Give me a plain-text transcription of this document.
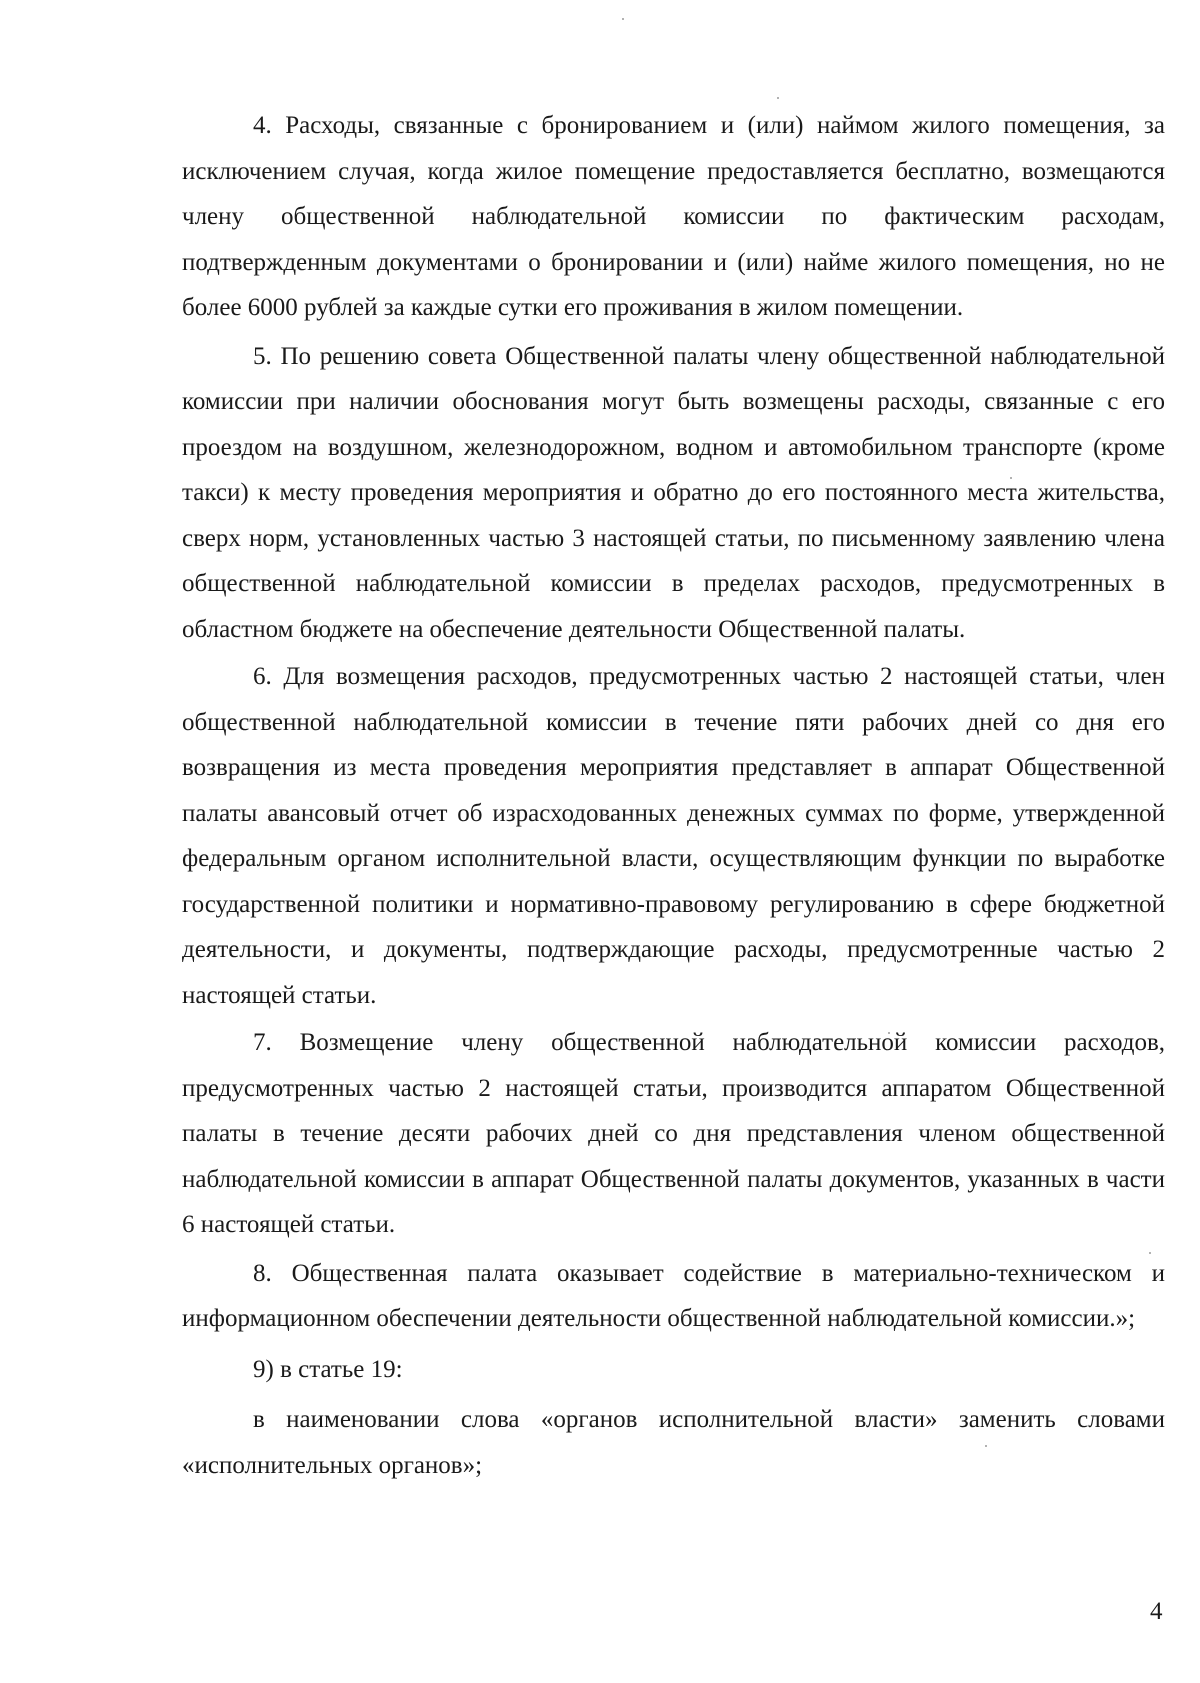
4. Расходы, связанные с бронированием и (или) наймом жилого помещения, за исключением случая, когда жилое помещение предоставляется бесплатно, возмещаются члену общественной наблюдательной комиссии по фактическим расходам, подтвержденным документами о бронировании и (или) найме жилого помещения, но не более 6000 рублей за каждые сутки его проживания в жилом помещении.

5. По решению совета Общественной палаты члену общественной наблюдательной комиссии при наличии обоснования могут быть возмещены расходы, связанные с его проездом на воздушном, железнодорожном, водном и автомобильном транспорте (кроме такси) к месту проведения мероприятия и обратно до его постоянного места жительства, сверх норм, установленных частью 3 настоящей статьи, по письменному заявлению члена общественной наблюдательной комиссии в пределах расходов, предусмотренных в областном бюджете на обеспечение деятельности Общественной палаты.

6. Для возмещения расходов, предусмотренных частью 2 настоящей статьи, член общественной наблюдательной комиссии в течение пяти рабочих дней со дня его возвращения из места проведения мероприятия представляет в аппарат Общественной палаты авансовый отчет об израсходованных денежных суммах по форме, утвержденной федеральным органом исполнительной власти, осуществляющим функции по выработке государственной политики и нормативно-правовому регулированию в сфере бюджетной деятельности, и документы, подтверждающие расходы, предусмотренные частью 2 настоящей статьи.

7. Возмещение члену общественной наблюдательной комиссии расходов, предусмотренных частью 2 настоящей статьи, производится аппаратом Общественной палаты в течение десяти рабочих дней со дня представления членом общественной наблюдательной комиссии в аппарат Общественной палаты документов, указанных в части 6 настоящей статьи.

8. Общественная палата оказывает содействие в материально-техническом и информационном обеспечении деятельности общественной наблюдательной комиссии.»;

9) в статье 19:

в наименовании слова «органов исполнительной власти» заменить словами «исполнительных органов»;

4
